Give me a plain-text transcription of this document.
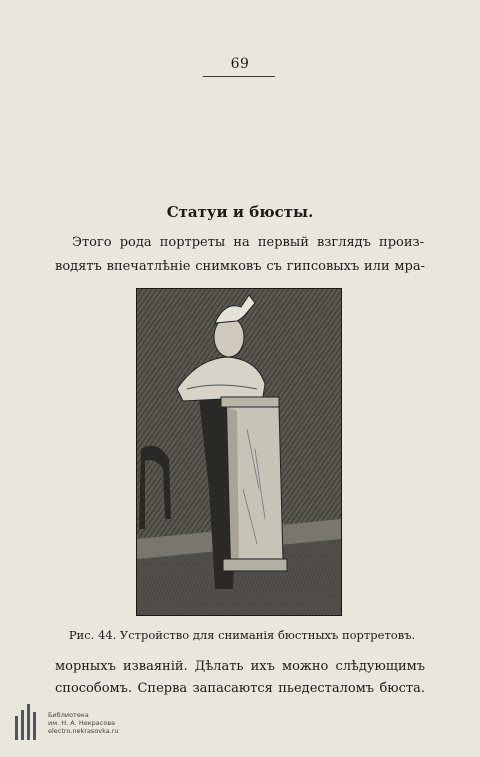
69
Статуи и бюсты.
Этого рода портреты на первый взглядъ произ-
водятъ впечатлѣніе снимковъ съ гипсовыхъ или мра-
Рис. 44. Устройство для сниманія бюстныхъ портретовъ.
морныхъ изваяній. Дѣлать ихъ можно слѣдующимъ
способомъ. Сперва запасаются пьедесталомъ бюста.
Библиотека
им. Н. А. Некрасова
electro.nekrasovka.ru
